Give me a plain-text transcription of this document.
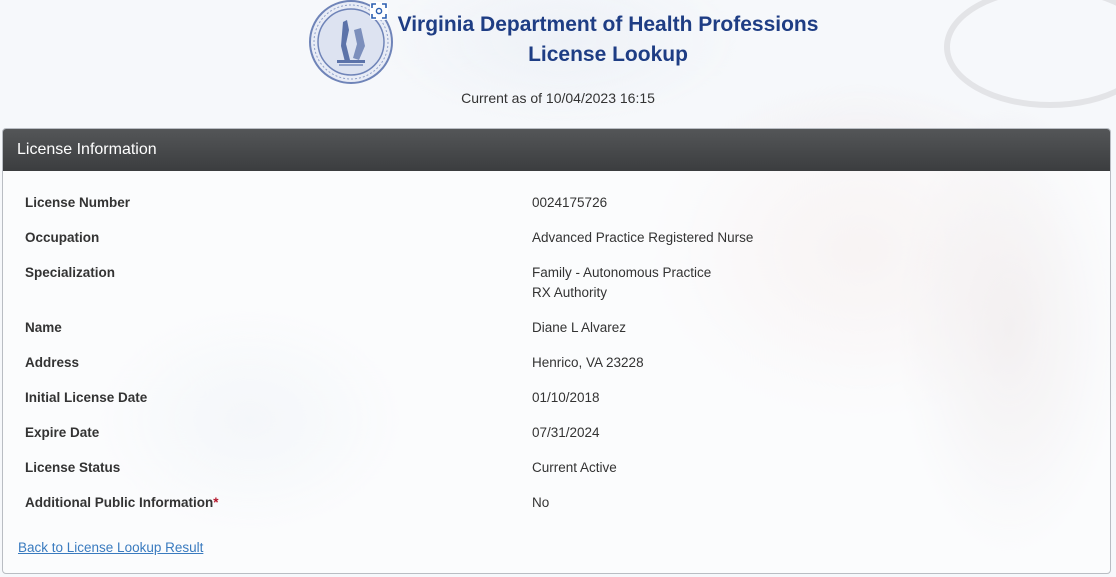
Virginia Department of Health Professions
License Lookup
Current as of 10/04/2023 16:15
License Information
License Number	0024175726
Occupation	Advanced Practice Registered Nurse
Specialization	Family - Autonomous Practice
RX Authority
Name	Diane L Alvarez
Address	Henrico, VA 23228
Initial License Date	01/10/2018
Expire Date	07/31/2024
License Status	Current Active
Additional Public Information*	No
Back to License Lookup Result
